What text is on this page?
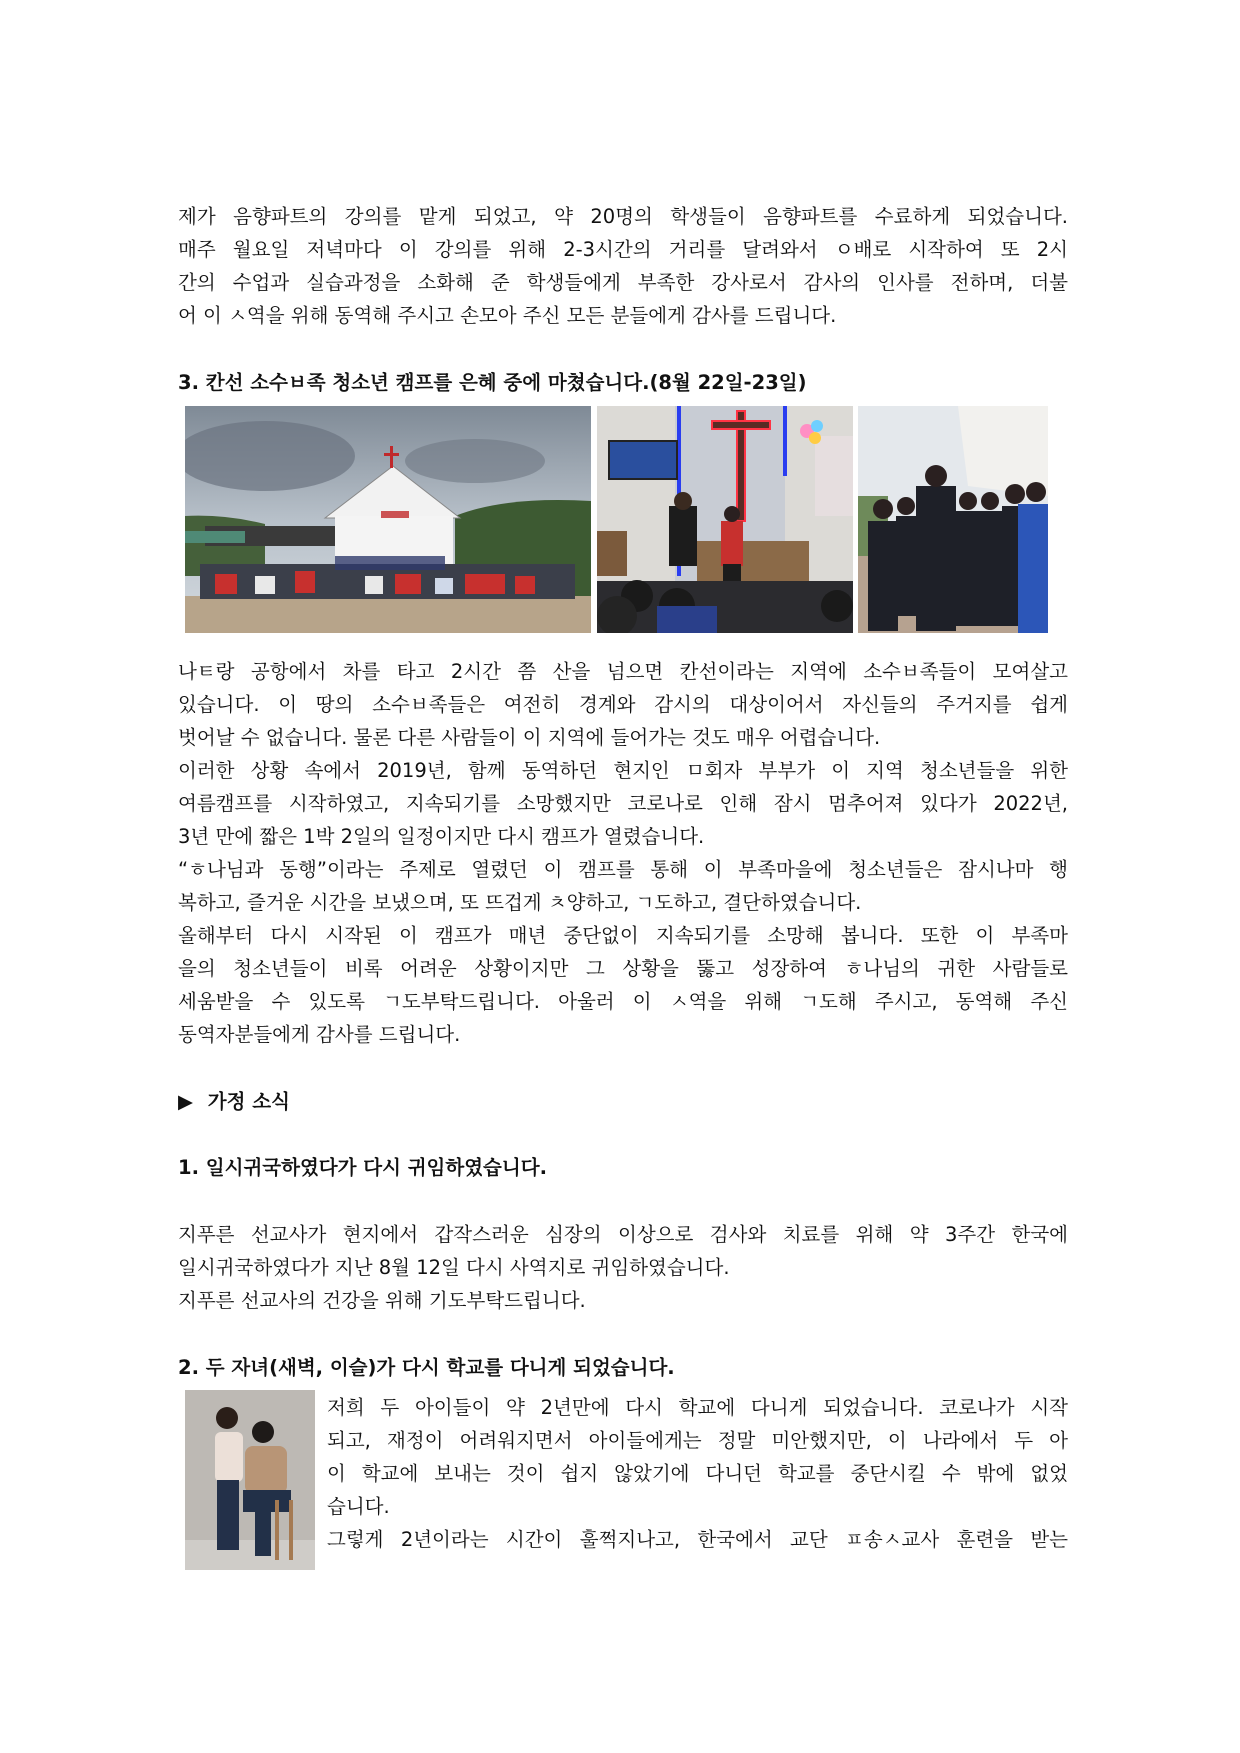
제가 음향파트의 강의를 맡게 되었고, 약 20명의 학생들이 음향파트를 수료하게 되었습니다.
매주 월요일 저녁마다 이 강의를 위해 2-3시간의 거리를 달려와서 ㅇ배로 시작하여 또 2시
간의 수업과 실습과정을 소화해 준 학생들에게 부족한 강사로서 감사의 인사를 전하며, 더불
어 이 ㅅ역을 위해 동역해 주시고 손모아 주신 모든 분들에게 감사를 드립니다.
3. 칸선 소수ㅂ족 청소년 캠프를 은혜 중에 마쳤습니다.(8월 22일-23일)
나ㅌ랑 공항에서 차를 타고 2시간 쯤 산을 넘으면 칸선이라는 지역에 소수ㅂ족들이 모여살고
있습니다. 이 땅의 소수ㅂ족들은 여전히 경계와 감시의 대상이어서 자신들의 주거지를 쉽게
벗어날 수 없습니다. 물론 다른 사람들이 이 지역에 들어가는 것도 매우 어렵습니다.
이러한 상황 속에서 2019년, 함께 동역하던 현지인 ㅁ회자 부부가 이 지역 청소년들을 위한
여름캠프를 시작하였고, 지속되기를 소망했지만 코로나로 인해 잠시 멈추어져 있다가 2022년,
3년 만에 짧은 1박 2일의 일정이지만 다시 캠프가 열렸습니다.
“ㅎ나님과 동행”이라는 주제로 열렸던 이 캠프를 통해 이 부족마을에 청소년들은 잠시나마 행
복하고, 즐거운 시간을 보냈으며, 또 뜨겁게 ㅊ양하고, ㄱ도하고, 결단하였습니다.
올해부터 다시 시작된 이 캠프가 매년 중단없이 지속되기를 소망해 봅니다. 또한 이 부족마
을의 청소년들이 비록 어려운 상황이지만 그 상황을 뚫고 성장하여 ㅎ나님의 귀한 사람들로
세움받을 수 있도록 ㄱ도부탁드립니다. 아울러 이 ㅅ역을 위해 ㄱ도해 주시고, 동역해 주신
동역자분들에게 감사를 드립니다.
▶ 가정 소식
1. 일시귀국하였다가 다시 귀임하였습니다.
지푸른 선교사가 현지에서 갑작스러운 심장의 이상으로 검사와 치료를 위해 약 3주간 한국에
일시귀국하였다가 지난 8월 12일 다시 사역지로 귀임하였습니다.
지푸른 선교사의 건강을 위해 기도부탁드립니다.
2. 두 자녀(새벽, 이슬)가 다시 학교를 다니게 되었습니다.
저희 두 아이들이 약 2년만에 다시 학교에 다니게 되었습니다. 코로나가 시작
되고, 재정이 어려워지면서 아이들에게는 정말 미안했지만, 이 나라에서 두 아
이 학교에 보내는 것이 쉽지 않았기에 다니던 학교를 중단시킬 수 밖에 없었
습니다.
그렇게 2년이라는 시간이 훌쩍지나고, 한국에서 교단 ㅍ송ㅅ교사 훈련을 받는
